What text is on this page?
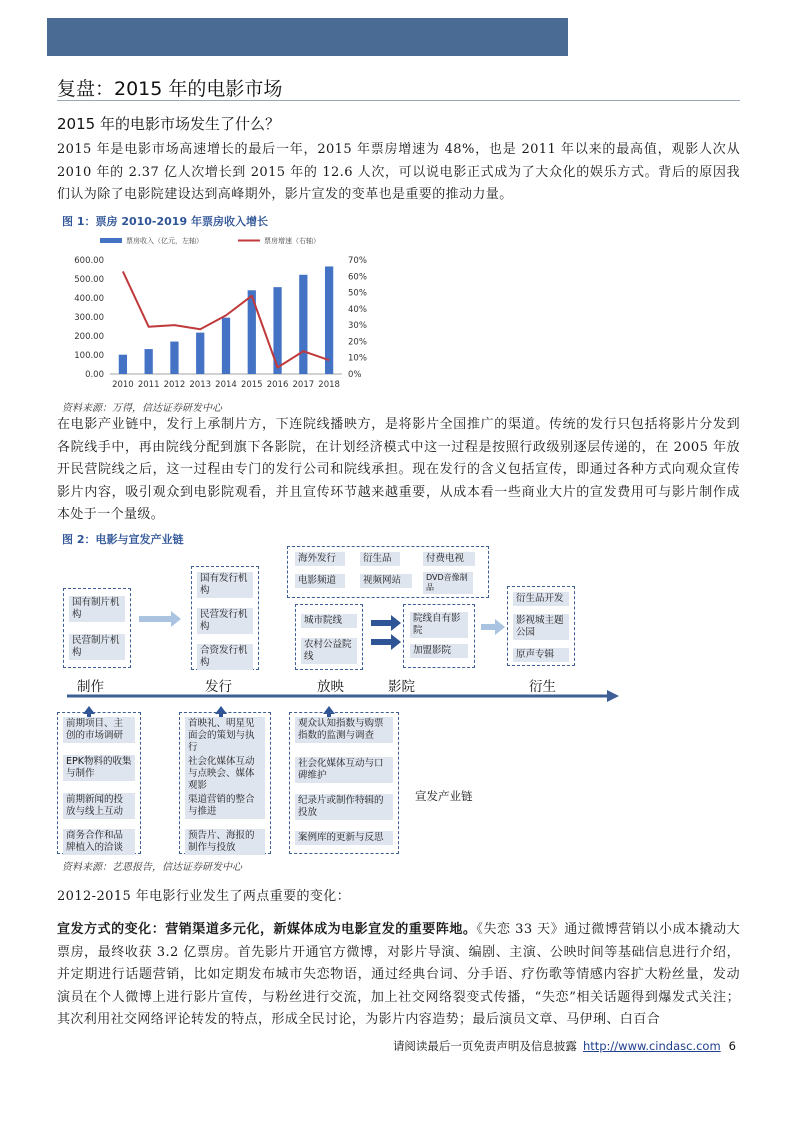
复盘：2015 年的电影市场
2015 年的电影市场发生了什么？

2015 年是电影市场高速增长的最后一年，2015 年票房增速为 48%，也是 2011 年以来的最高值，观影人次从 2010 年的 2.37 亿人次增长到 2015 年的 12.6 人次，可以说电影正式成为了大众化的娱乐方式。背后的原因我们认为除了电影院建设达到高峰期外，影片宣发的变革也是重要的推动力量。

图 1：票房 2010-2019 年票房收入增长
票房收入（亿元，左轴）	票房增速（右轴）
0.00
100.00
200.00
300.00
400.00
500.00
600.00
0%
10%
20%
30%
40%
50%
60%
70%
2010 2011 2012 2013 2014 2015 2016 2017 2018
资料来源：万得，信达证券研发中心

在电影产业链中，发行上承制片方，下连院线播映方，是将影片全国推广的渠道。传统的发行只包括将影片分发到各院线手中，再由院线分配到旗下各影院，在计划经济模式中这一过程是按照行政级别逐层传递的，在 2005 年放开民营院线之后，这一过程由专门的发行公司和院线承担。现在发行的含义包括宣传，即通过各种方式向观众宣传影片内容，吸引观众到电影院观看，并且宣传环节越来越重要，从成本看一些商业大片的宣发费用可与影片制作成本处于一个量级。

图 2：电影与宣发产业链
海外发行	衍生品	付费电视
电影频道	视频网站	DVD音像制品
国有制片机构
民营制片机构
国有发行机构
民营发行机构
合资发行机构
城市院线
农村公益院线
院线自有影院
加盟影院
衍生品开发
影视城主题公园
原声专辑
制作	发行	放映	影院	衍生
前期项目、主创的市场调研
EPK物料的收集与制作
前期新闻的投放与线上互动
商务合作和品牌植入的洽谈
首映礼、明星见面会的策划与执行
社会化媒体互动与点映会、媒体观影
渠道营销的整合与推进
预告片、海报的制作与投放
观众认知指数与购票指数的监测与调查
社会化媒体互动与口碑维护
纪录片或制作特辑的投放
案例库的更新与反思
宣发产业链
资料来源：艺恩报告，信达证券研发中心

2012-2015 年电影行业发生了两点重要的变化：

宣发方式的变化：营销渠道多元化，新媒体成为电影宣发的重要阵地。《失恋 33 天》通过微博营销以小成本撬动大票房，最终收获 3.2 亿票房。首先影片开通官方微博，对影片导演、编剧、主演、公映时间等基础信息进行介绍，并定期进行话题营销，比如定期发布城市失恋物语，通过经典台词、分手语、疗伤歌等情感内容扩大粉丝量，发动演员在个人微博上进行影片宣传，与粉丝进行交流，加上社交网络裂变式传播，“失恋”相关话题得到爆发式关注；其次利用社交网络评论转发的特点，形成全民讨论，为影片内容造势；最后演员文章、马伊琍、白百合

请阅读最后一页免责声明及信息披露 http://www.cindasc.com 6
